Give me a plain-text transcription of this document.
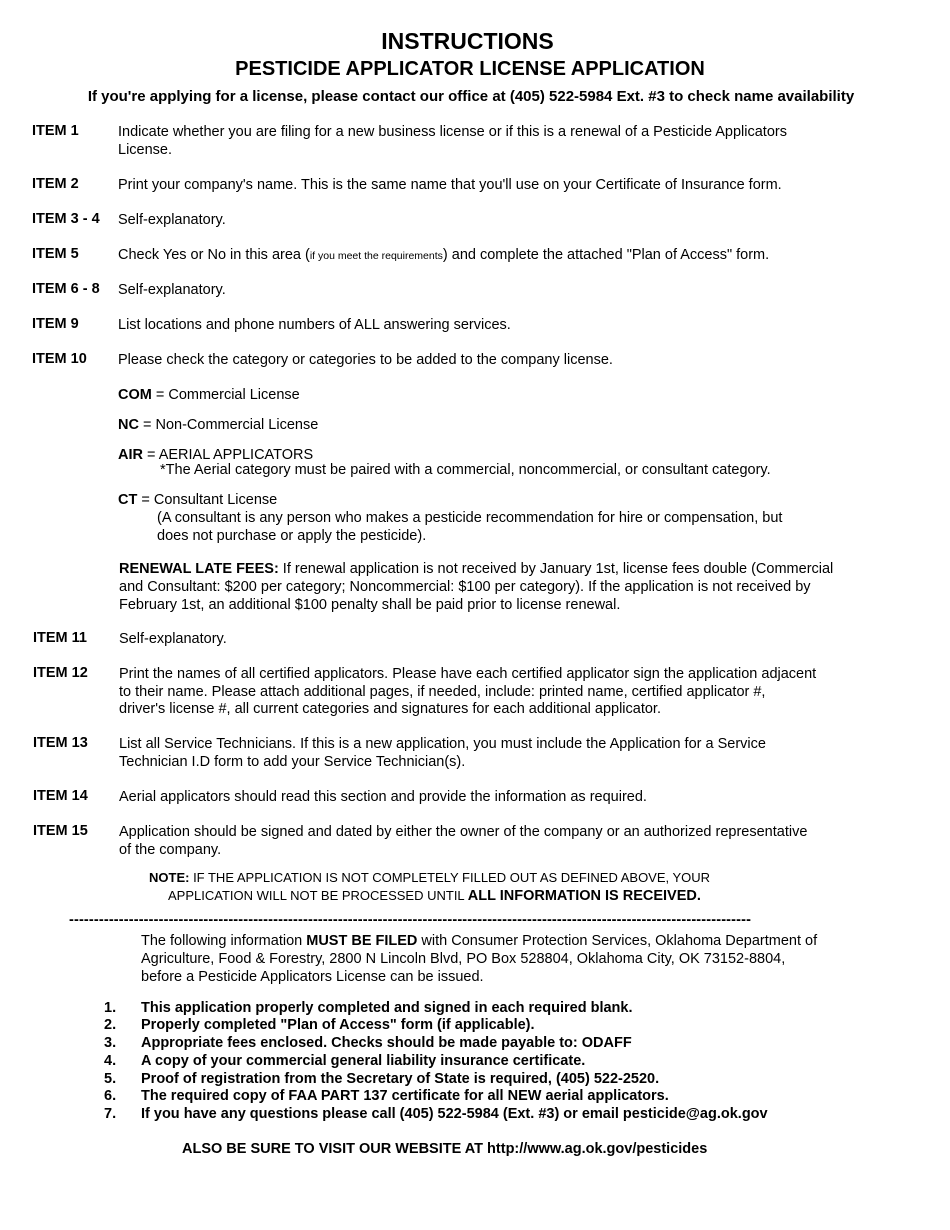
INSTRUCTIONS
PESTICIDE APPLICATOR LICENSE APPLICATION
If you're applying for a license, please contact our office at (405) 522-5984 Ext. #3 to check name availability
ITEM 1	Indicate whether you are filing for a new business license or if this is a renewal of a Pesticide Applicators
License.
ITEM 2	Print your company's name. This is the same name that you'll use on your Certificate of Insurance form.
ITEM 3 - 4 Self-explanatory.
ITEM 5	Check Yes or No in this area (if you meet the requirements) and complete the attached "Plan of Access" form.
ITEM 6 - 8 Self-explanatory.
ITEM 9	List locations and phone numbers of ALL answering services.
ITEM 10 Please check the category or categories to be added to the company license.
COM = Commercial License
NC = Non-Commercial License
AIR = AERIAL APPLICATORS
*The Aerial category must be paired with a commercial, noncommercial, or consultant category.
CT = Consultant License
(A consultant is any person who makes a pesticide recommendation for hire or compensation, but
does not purchase or apply the pesticide).
RENEWAL LATE FEES: If renewal application is not received by January 1st, license fees double (Commercial
and Consultant: $200 per category; Noncommercial: $100 per category). If the application is not received by
February 1st, an additional $100 penalty shall be paid prior to license renewal.
ITEM 11 Self-explanatory.
ITEM 12 Print the names of all certified applicators. Please have each certified applicator sign the application adjacent
to their name. Please attach additional pages, if needed, include: printed name, certified applicator #,
driver's license #, all current categories and signatures for each additional applicator.
ITEM 13 List all Service Technicians. If this is a new application, you must include the Application for a Service
Technician I.D form to add your Service Technician(s).
ITEM 14 Aerial applicators should read this section and provide the information as required.
ITEM 15 Application should be signed and dated by either the owner of the company or an authorized representative
of the company.
NOTE: IF THE APPLICATION IS NOT COMPLETELY FILLED OUT AS DEFINED ABOVE, YOUR
APPLICATION WILL NOT BE PROCESSED UNTIL ALL INFORMATION IS RECEIVED.
-----------------------------------------------------------------------------------------------------------------------------------------
The following information MUST BE FILED with Consumer Protection Services, Oklahoma Department of
Agriculture, Food & Forestry, 2800 N Lincoln Blvd, PO Box 528804, Oklahoma City, OK 73152-8804,
before a Pesticide Applicators License can be issued.
1. This application properly completed and signed in each required blank.
2. Properly completed "Plan of Access" form (if applicable).
3. Appropriate fees enclosed. Checks should be made payable to: ODAFF
4. A copy of your commercial general liability insurance certificate.
5. Proof of registration from the Secretary of State is required, (405) 522-2520.
6. The required copy of FAA PART 137 certificate for all NEW aerial applicators.
7. If you have any questions please call (405) 522-5984 (Ext. #3) or email pesticide@ag.ok.gov
ALSO BE SURE TO VISIT OUR WEBSITE AT http://www.ag.ok.gov/pesticides
